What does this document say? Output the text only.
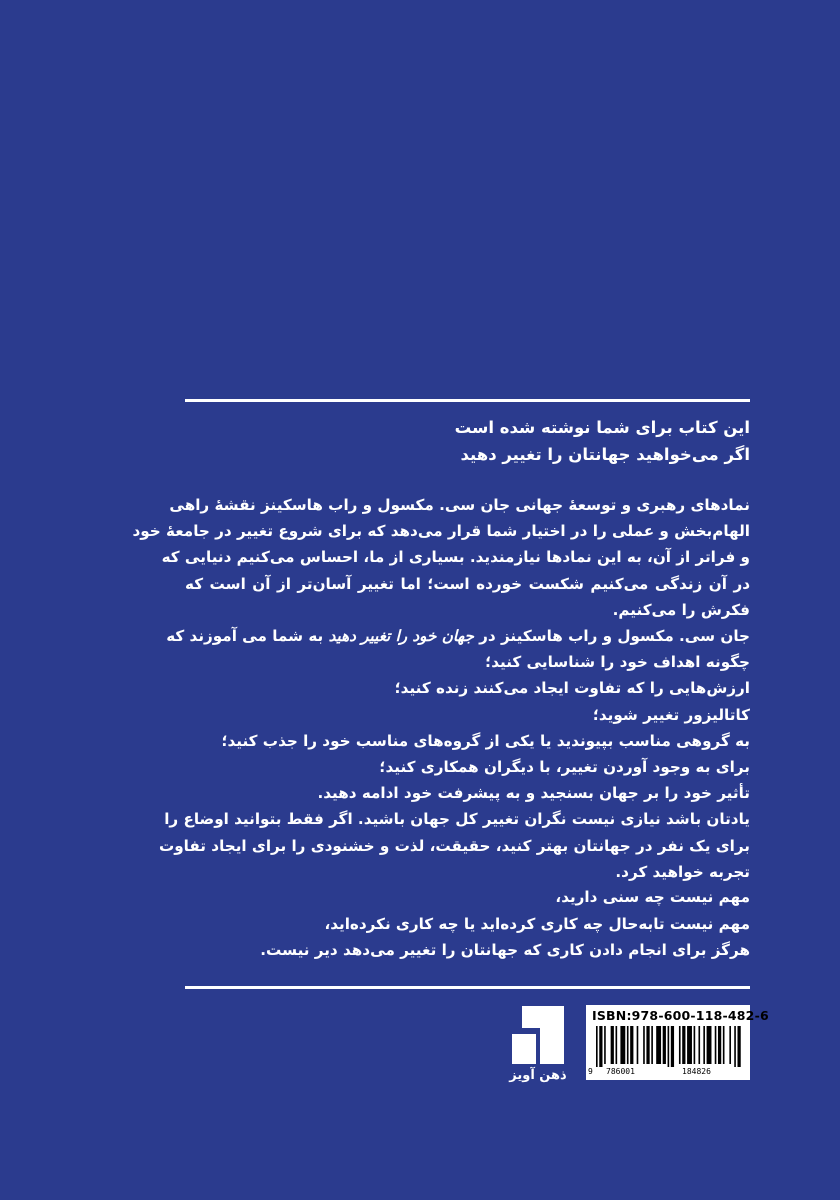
این کتاب برای شما نوشته شده است
اگر می‌خواهید جهانتان را تغییر دهید
نمادهای رهبری و توسعهٔ جهانی جان سی. مکسول و راب هاسکینز نقشهٔ راهی
الهام‌بخش و عملی را در اختیار شما قرار می‌دهد که برای شروع تغییر در جامعهٔ خود
و فراتر از آن، به این نمادها نیازمندید. بسیاری از ما، احساس می‌کنیم دنیایی که
در آن زندگی می‌کنیم شکست خورده است؛ اما تغییر آسان‌تر از آن است که
فکرش را می‌کنیم.
جان سی. مکسول و راب هاسکینز در جهان خود را تغییر دهید به شما می آموزند که
چگونه اهداف خود را شناسایی کنید؛
ارزش‌هایی را که تفاوت ایجاد می‌کنند زنده کنید؛
کاتالیزور تغییر شوید؛
به گروهی مناسب بپیوندید یا یکی از گروه‌های مناسب خود را جذب کنید؛
برای به وجود آوردن تغییر، با دیگران همکاری کنید؛
تأثیر خود را بر جهان بسنجید و به پیشرفت خود ادامه دهید.
یادتان باشد نیازی نیست نگران تغییر کل جهان باشید. اگر فقط بتوانید اوضاع را
برای یک نفر در جهانتان بهتر کنید، حقیقت، لذت و خشنودی را برای ایجاد تفاوت
تجربه خواهید کرد.
مهم نیست چه سنی دارید،
مهم نیست تابه‌حال چه کاری کرده‌اید یا چه کاری نکرده‌اید،
هرگز برای انجام دادن کاری که جهانتان را تغییر می‌دهد دیر نیست.
ذهن آویز
ISBN:978-600-118-482-6
9 786001	184826
